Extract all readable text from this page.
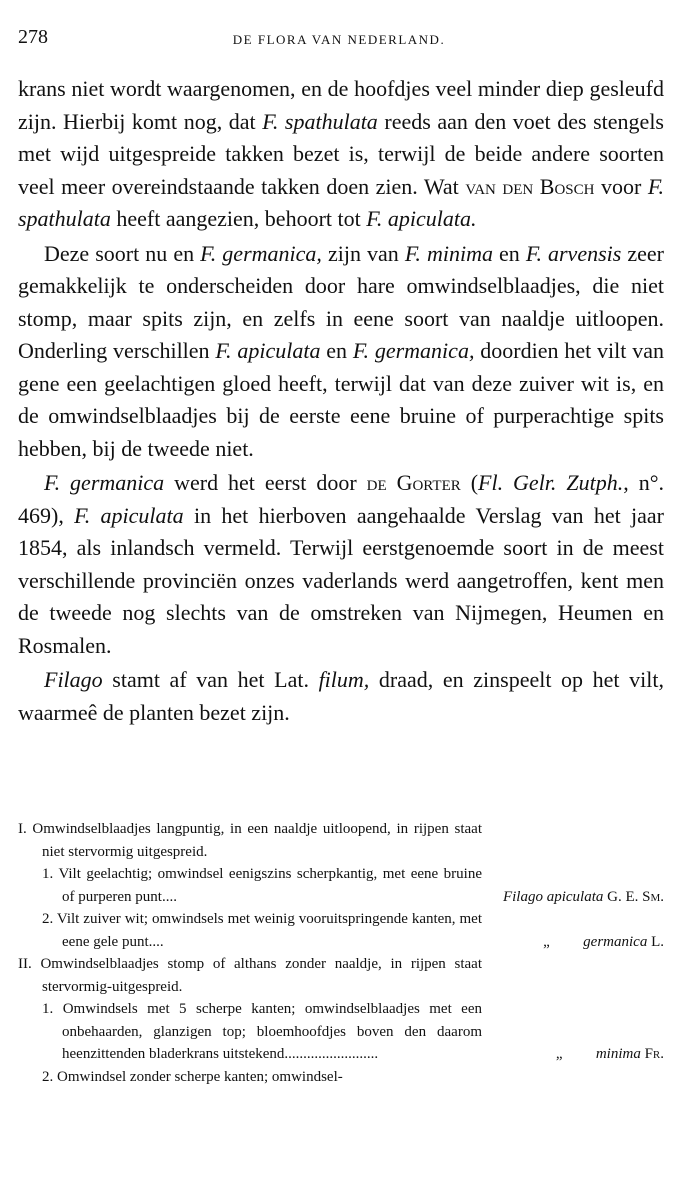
278	DE FLORA VAN NEDERLAND.

krans niet wordt waargenomen, en de hoofdjes veel minder diep gesleufd zijn. Hierbij komt nog, dat F. spathulata reeds aan den voet des stengels met wijd uitgespreide takken bezet is, terwijl de beide andere soorten veel meer overeindstaande takken doen zien. Wat van den Bosch voor F. spathulata heeft aangezien, behoort tot F. apiculata.

Deze soort nu en F. germanica, zijn van F. minima en F. arvensis zeer gemakkelijk te onderscheiden door hare omwindselblaadjes, die niet stomp, maar spits zijn, en zelfs in eene soort van naaldje uitloopen. Onderling verschillen F. apiculata en F. germanica, doordien het vilt van gene een geelachtigen gloed heeft, terwijl dat van deze zuiver wit is, en de omwindselblaadjes bij de eerste eene bruine of purperachtige spits hebben, bij de tweede niet.

F. germanica werd het eerst door de Gorter (Fl. Gelr. Zutph., n°. 469), F. apiculata in het hierboven aangehaalde Verslag van het jaar 1854, als inlandsch vermeld. Terwijl eerstgenoemde soort in de meest verschillende provinciën onzes vaderlands werd aangetroffen, kent men de tweede nog slechts van de omstreken van Nijmegen, Heumen en Rosmalen.

Filago stamt af van het Lat. filum, draad, en zinspeelt op het vilt, waarmeê de planten bezet zijn.

I. Omwindselblaadjes langpuntig, in een naaldje uitloopend, in rijpen staat niet stervormig uitgespreid.
1. Vilt geelachtig; omwindsel eenigszins scherpkantig, met eene bruine of purperen punt....	Filago apiculata G. E. Sm.
2. Vilt zuiver wit; omwindsels met weinig vooruitspringende kanten, met eene gele punt....	„ germanica L.
II. Omwindselblaadjes stomp of althans zonder naaldje, in rijpen staat stervormig-uitgespreid.
1. Omwindsels met 5 scherpe kanten; omwindselblaadjes met een onbehaarden, glanzigen top; bloemhoofdjes boven den daarom heenzittenden bladerkrans uitstekend.........................	„ minima Fr.
2. Omwindsel zonder scherpe kanten; omwindsel-
